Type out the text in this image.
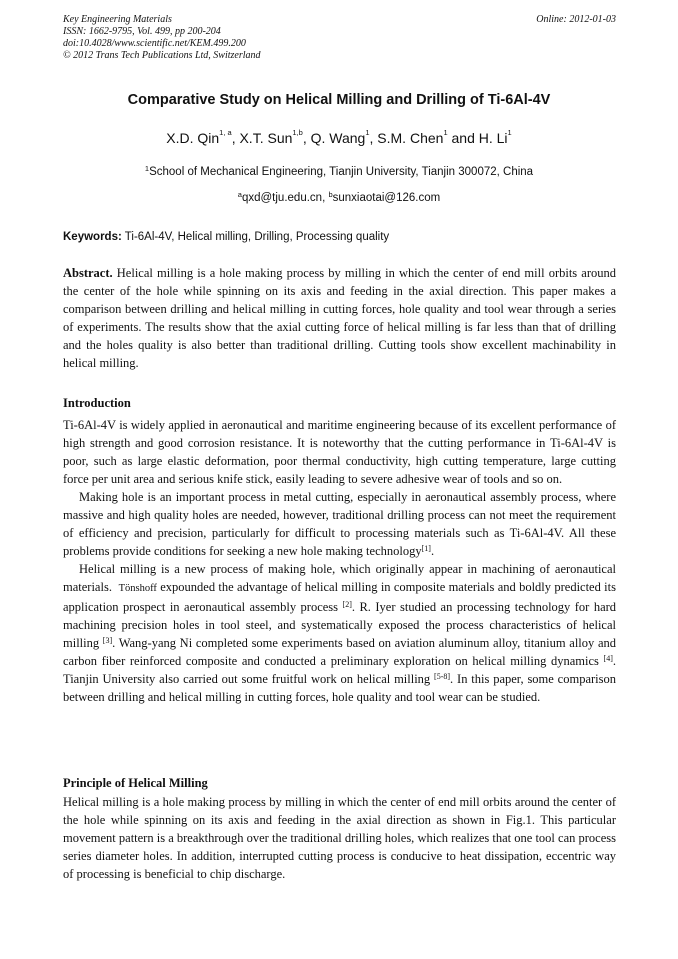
Key Engineering Materials
ISSN: 1662-9795, Vol. 499, pp 200-204
doi:10.4028/www.scientific.net/KEM.499.200
© 2012 Trans Tech Publications Ltd, Switzerland
Online: 2012-01-03
Comparative Study on Helical Milling and Drilling of Ti-6Al-4V
X.D. Qin$^{1, a}$, X.T. Sun$^{1,b}$, Q. Wang$^1$, S.M. Chen$^1$ and H. Li$^1$
$^1$School of Mechanical Engineering, Tianjin University, Tianjin 300072, China
$^a$qxd@tju.edu.cn, $^b$sunxiaotai@126.com
Keywords: Ti-6Al-4V, Helical milling, Drilling, Processing quality

Abstract. Helical milling is a hole making process by milling in which the center of end mill orbits around the center of the hole while spinning on its axis and feeding in the axial direction. This paper makes a comparison between drilling and helical milling in cutting forces, hole quality and tool wear through a series of experiments. The results show that the axial cutting force of helical milling is far less than that of drilling and the holes quality is also better than traditional drilling. Cutting tools show excellent machinability in helical milling.

Introduction

Ti-6Al-4V is widely applied in aeronautical and maritime engineering because of its excellent performance of high strength and good corrosion resistance. It is noteworthy that the cutting performance in Ti-6Al-4V is poor, such as large elastic deformation, poor thermal conductivity, high cutting temperature, large cutting force per unit area and serious knife stick, easily leading to severe adhesive wear of tools and so on.

Making hole is an important process in metal cutting, especially in aeronautical assembly process, where massive and high quality holes are needed, however, traditional drilling process can not meet the requirement of efficiency and precision, particularly for difficult to processing materials such as Ti-6Al-4V. All these problems provide conditions for seeking a new hole making technology[1].

Helical milling is a new process of making hole, which originally appear in machining of aeronautical materials. Tönshoff expounded the advantage of helical milling in composite materials and boldly predicted its application prospect in aeronautical assembly process [2]. R. Iyer studied an processing technology for hard machining precision holes in tool steel, and systematically exposed the process characteristics of helical milling [3]. Wang-yang Ni completed some experiments based on aviation aluminum alloy, titanium alloy and carbon fiber reinforced composite and conducted a preliminary exploration on helical milling dynamics [4]. Tianjin University also carried out some fruitful work on helical milling [5-8]. In this paper, some comparison between drilling and helical milling in cutting forces, hole quality and tool wear can be studied.

Principle of Helical Milling

Helical milling is a hole making process by milling in which the center of end mill orbits around the center of the hole while spinning on its axis and feeding in the axial direction as shown in Fig.1. This particular movement pattern is a breakthrough over the traditional drilling holes, which realizes that one tool can process series diameter holes. In addition, interrupted cutting process is conducive to heat dissipation, eccentric way of processing is beneficial to chip discharge.
